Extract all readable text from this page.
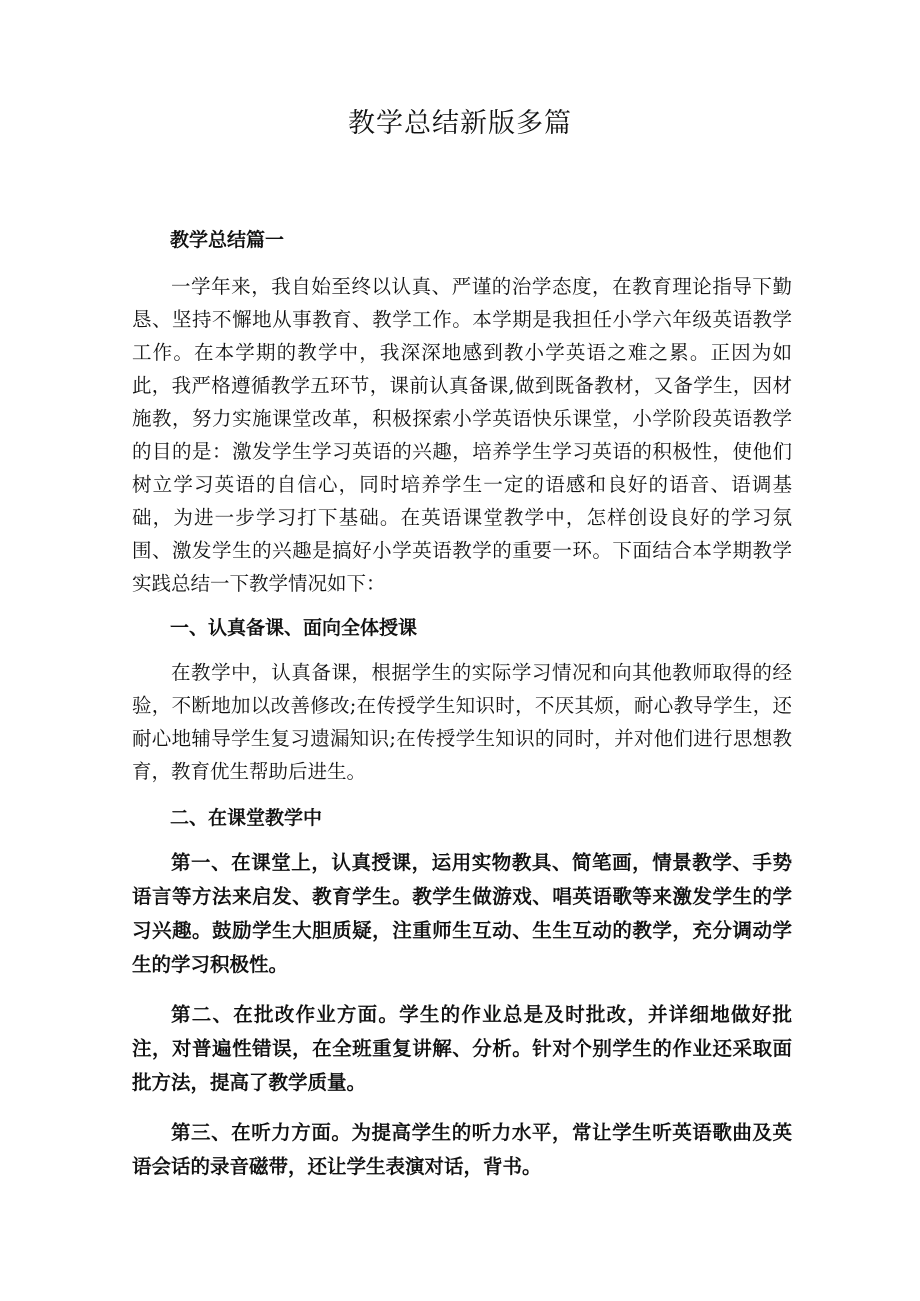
教学总结新版多篇
教学总结篇一

一学年来，我自始至终以认真、严谨的治学态度，在教育理论指导下勤恳、坚持不懈地从事教育、教学工作。本学期是我担任小学六年级英语教学工作。在本学期的教学中，我深深地感到教小学英语之难之累。正因为如此，我严格遵循教学五环节，课前认真备课,做到既备教材，又备学生，因材施教，努力实施课堂改革，积极探索小学英语快乐课堂，小学阶段英语教学的目的是：激发学生学习英语的兴趣，培养学生学习英语的积极性，使他们树立学习英语的自信心，同时培养学生一定的语感和良好的语音、语调基础，为进一步学习打下基础。在英语课堂教学中，怎样创设良好的学习氛围、激发学生的兴趣是搞好小学英语教学的重要一环。下面结合本学期教学实践总结一下教学情况如下：

一、认真备课、面向全体授课

在教学中，认真备课，根据学生的实际学习情况和向其他教师取得的经验，不断地加以改善修改;在传授学生知识时，不厌其烦，耐心教导学生，还耐心地辅导学生复习遗漏知识;在传授学生知识的同时，并对他们进行思想教育，教育优生帮助后进生。

二、在课堂教学中

第一、在课堂上，认真授课，运用实物教具、简笔画，情景教学、手势语言等方法来启发、教育学生。教学生做游戏、唱英语歌等来激发学生的学习兴趣。鼓励学生大胆质疑，注重师生互动、生生互动的教学，充分调动学生的学习积极性。

第二、在批改作业方面。学生的作业总是及时批改，并详细地做好批注，对普遍性错误，在全班重复讲解、分析。针对个别学生的作业还采取面批方法，提高了教学质量。

第三、在听力方面。为提高学生的听力水平，常让学生听英语歌曲及英语会话的录音磁带，还让学生表演对话，背书。
